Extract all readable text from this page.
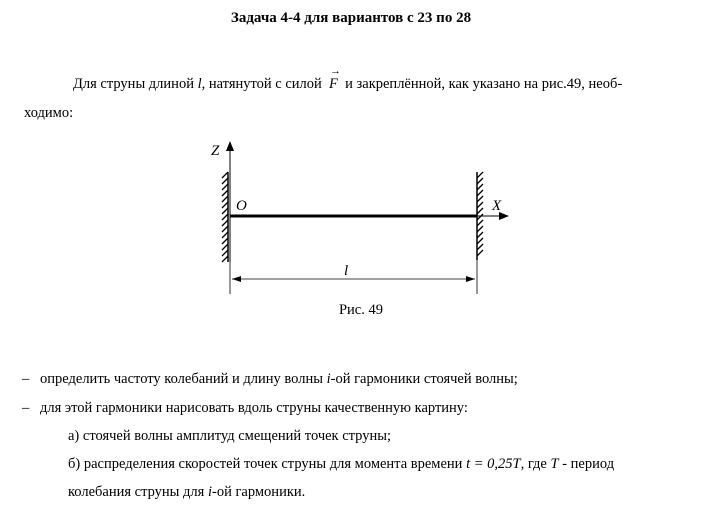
Задача 4-4 для вариантов с 23 по 28
Для струны длиной l, натянутой с силой  → F и закреплённой, как указано на рис.49, необ-
ходимо:
Z
O	X
l
Рис. 49
– определить частоту колебаний и длину волны i-ой гармоники стоячей волны;
– для этой гармоники нарисовать вдоль струны качественную картину:
а) стоячей волны амплитуд смещений точек струны;
б) распределения скоростей точек струны для момента времени t = 0,25T, где T - период
колебания струны для i-ой гармоники.
